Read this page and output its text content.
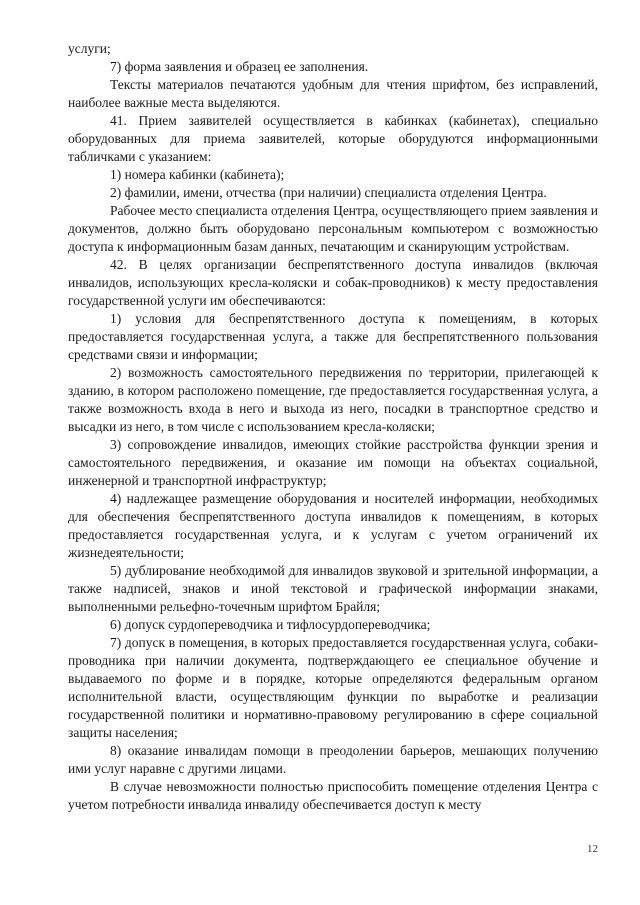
услуги;

7) форма заявления и образец ее заполнения.

Тексты материалов печатаются удобным для чтения шрифтом, без исправлений, наиболее важные места выделяются.

41. Прием заявителей осуществляется в кабинках (кабинетах), специально оборудованных для приема заявителей, которые оборудуются информационными табличками с указанием:

1) номера кабинки (кабинета);

2) фамилии, имени, отчества (при наличии) специалиста отделения Центра.

Рабочее место специалиста отделения Центра, осуществляющего прием заявления и документов, должно быть оборудовано персональным компьютером с возможностью доступа к информационным базам данных, печатающим и сканирующим устройствам.

42. В целях организации беспрепятственного доступа инвалидов (включая инвалидов, использующих кресла-коляски и собак-проводников) к месту предоставления государственной услуги им обеспечиваются:

1) условия для беспрепятственного доступа к помещениям, в которых предоставляется государственная услуга, а также для беспрепятственного пользования средствами связи и информации;

2) возможность самостоятельного передвижения по территории, прилегающей к зданию, в котором расположено помещение, где предоставляется государственная услуга, а также возможность входа в него и выхода из него, посадки в транспортное средство и высадки из него, в том числе с использованием кресла-коляски;

3) сопровождение инвалидов, имеющих стойкие расстройства функции зрения и самостоятельного передвижения, и оказание им помощи на объектах социальной, инженерной и транспортной инфраструктур;

4) надлежащее размещение оборудования и носителей информации, необходимых для обеспечения беспрепятственного доступа инвалидов к помещениям, в которых предоставляется государственная услуга, и к услугам с учетом ограничений их жизнедеятельности;

5) дублирование необходимой для инвалидов звуковой и зрительной информации, а также надписей, знаков и иной текстовой и графической информации знаками, выполненными рельефно-точечным шрифтом Брайля;

6) допуск сурдопереводчика и тифлосурдопереводчика;

7) допуск в помещения, в которых предоставляется государственная услуга, собаки-проводника при наличии документа, подтверждающего ее специальное обучение и выдаваемого по форме и в порядке, которые определяются федеральным органом исполнительной власти, осуществляющим функции по выработке и реализации государственной политики и нормативно-правовому регулированию в сфере социальной защиты населения;

8) оказание инвалидам помощи в преодолении барьеров, мешающих получению ими услуг наравне с другими лицами.

В случае невозможности полностью приспособить помещение отделения Центра с учетом потребности инвалида инвалиду обеспечивается доступ к месту

12
